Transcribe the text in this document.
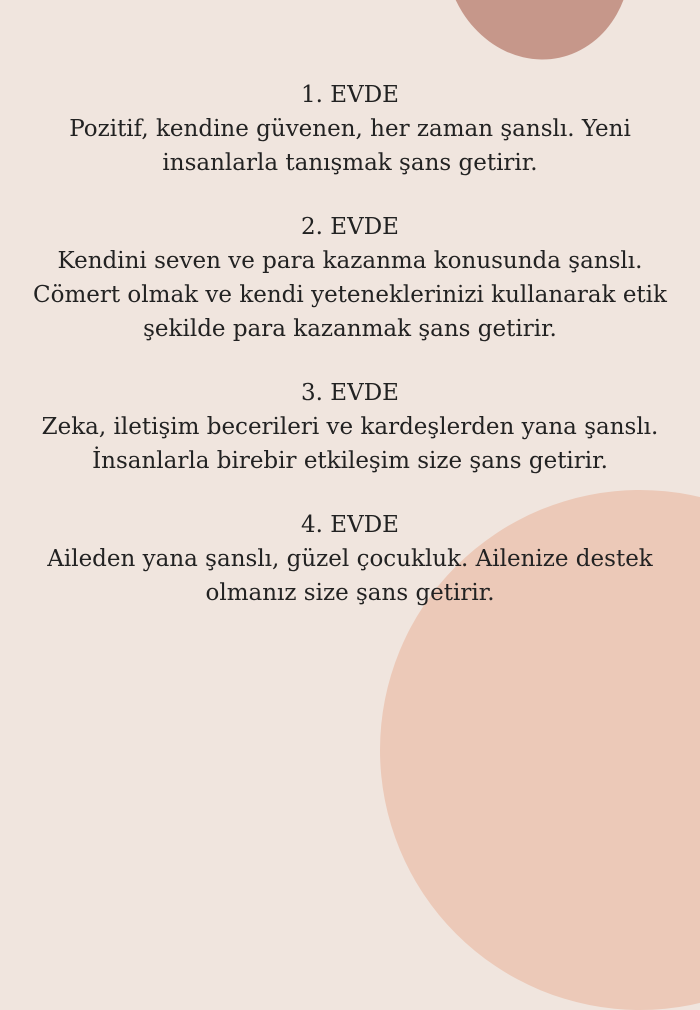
1. EVDE
Pozitif, kendine güvenen, her zaman şanslı. Yeni
insanlarla tanışmak şans getirir.
2. EVDE
Kendini seven ve para kazanma konusunda şanslı.
Cömert olmak ve kendi yeteneklerinizi kullanarak etik
şekilde para kazanmak şans getirir.
3. EVDE
Zeka, iletişim becerileri ve kardeşlerden yana şanslı.
İnsanlarla birebir etkileşim size şans getirir.
4. EVDE
Aileden yana şanslı, güzel çocukluk. Ailenize destek
olmanız size şans getirir.
